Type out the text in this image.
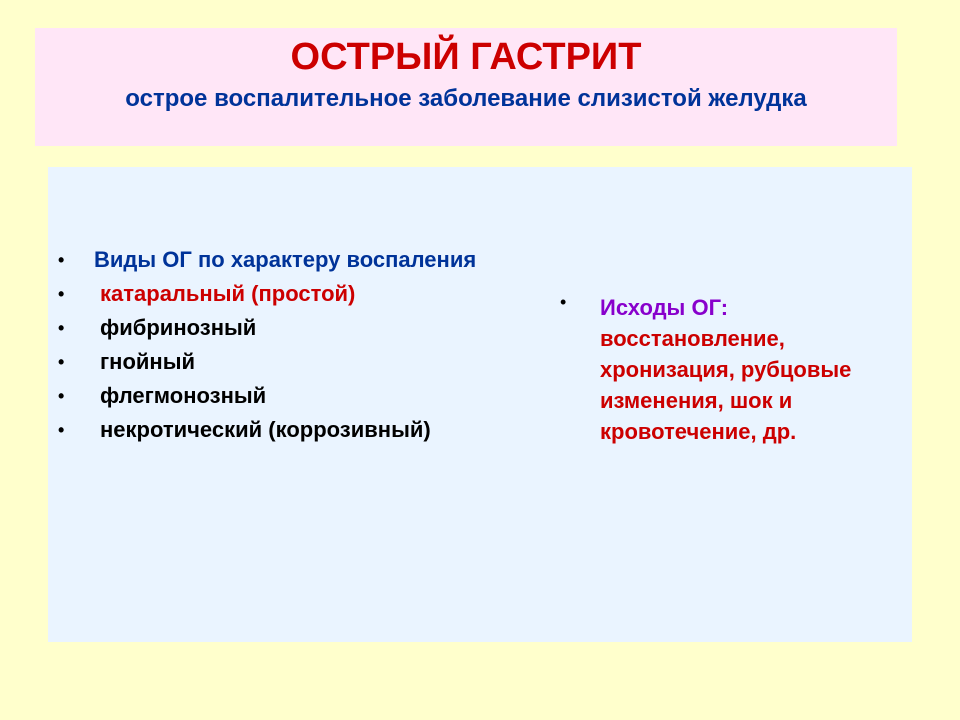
ОСТРЫЙ ГАСТРИТ
острое воспалительное заболевание слизистой желудка
• Виды ОГ по характеру воспаления
• катаральный (простой)
• фибринозный
• гнойный
• флегмонозный
• некротический (коррозивный)
•	Исходы ОГ:
восстановление, хронизация, рубцовые изменения, шок и кровотечение, др.
